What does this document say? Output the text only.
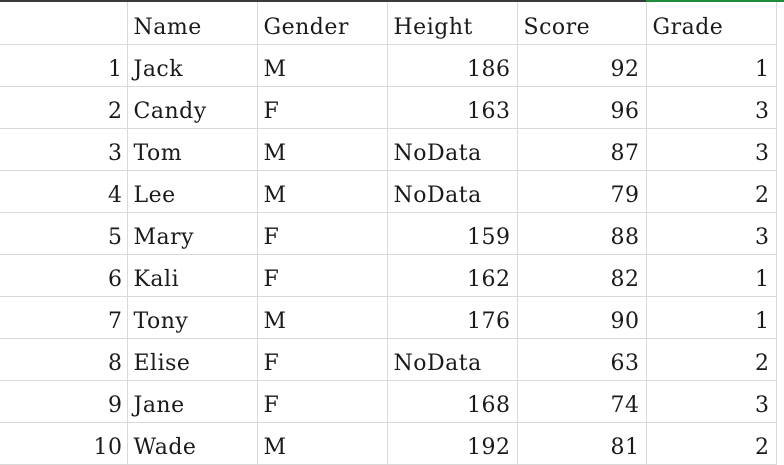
	Name	Gender	Height	Score	Grade
1	Jack	M	186	92	1
2	Candy	F	163	96	3
3	Tom	M	NoData	87	3
4	Lee	M	NoData	79	2
5	Mary	F	159	88	3
6	Kali	F	162	82	1
7	Tony	M	176	90	1
8	Elise	F	NoData	63	2
9	Jane	F	168	74	3
10	Wade	M	192	81	2
